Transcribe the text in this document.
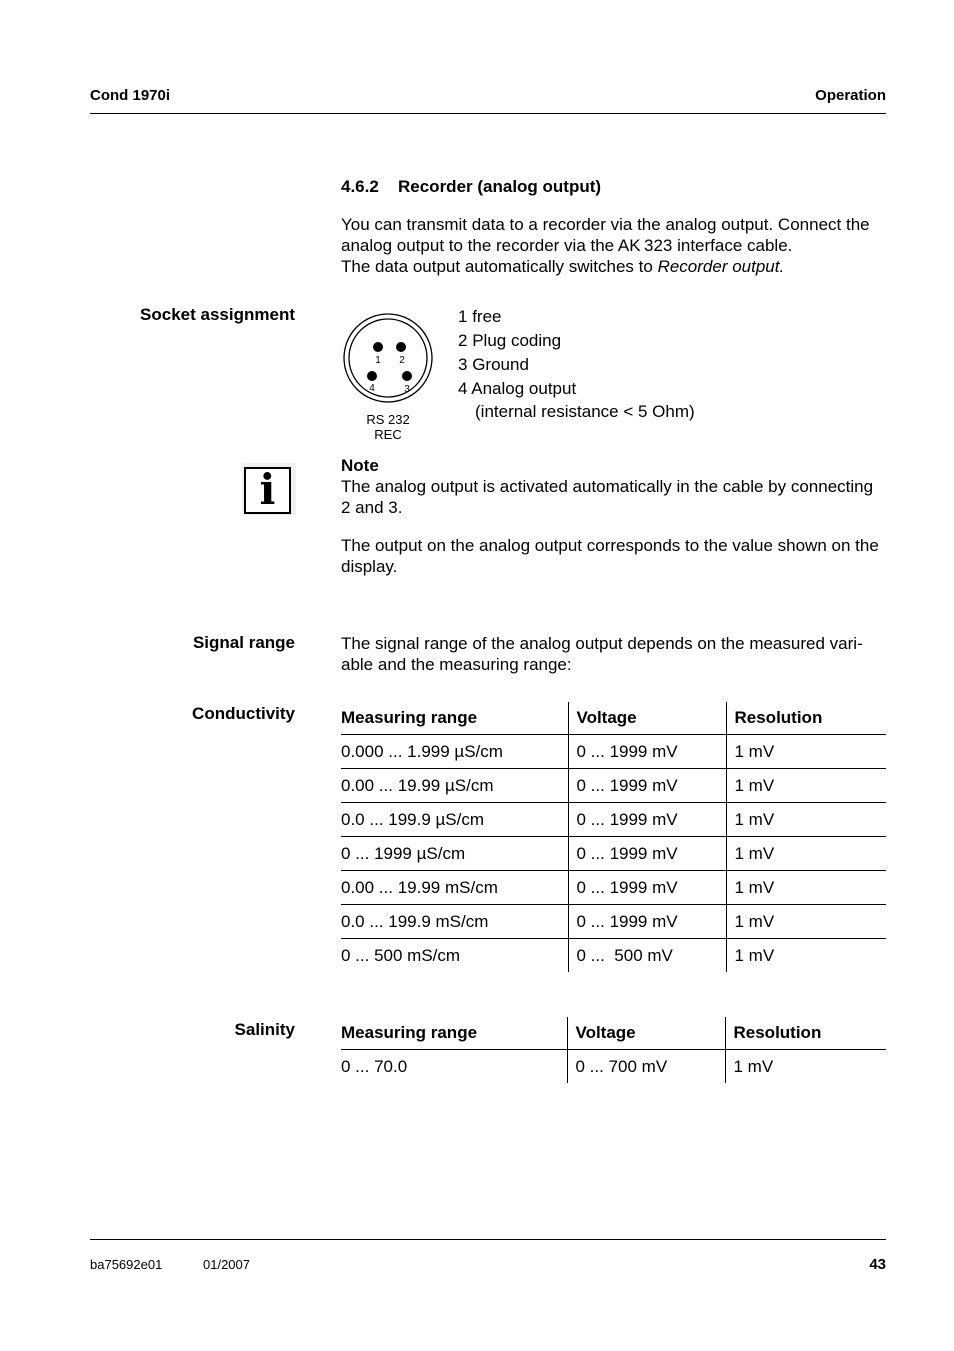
Cond 1970i	Operation
4.6.2 Recorder (analog output)
You can transmit data to a recorder via the analog output. Connect the
analog output to the recorder via the AK 323 interface cable.
The data output automatically switches to Recorder output.
Socket assignment
1 2
4	3
RS 232
REC
1 free
2 Plug coding
3 Ground
4 Analog output
(internal resistance < 5 Ohm)
i	Note
The analog output is activated automatically in the cable by connecting
2 and 3.
The output on the analog output corresponds to the value shown on the
display.
Signal range	The signal range of the analog output depends on the measured vari-
able and the measuring range:
Conductivity	Measuring range	Voltage	Resolution
0.000 ... 1.999 µS/cm	0 ... 1999 mV	1 mV
0.00 ... 19.99 µS/cm	0 ... 1999 mV	1 mV
0.0 ... 199.9 µS/cm	0 ... 1999 mV	1 mV
0 ... 1999 µS/cm	0 ... 1999 mV	1 mV
0.00 ... 19.99 mS/cm	0 ... 1999 mV	1 mV
0.0 ... 199.9 mS/cm	0 ... 1999 mV	1 mV
0 ... 500 mS/cm	0 ...  500 mV	1 mV
Salinity	Measuring range	Voltage	Resolution
0 ... 70.0	0 ... 700 mV	1 mV
ba75692e01	01/2007	43
